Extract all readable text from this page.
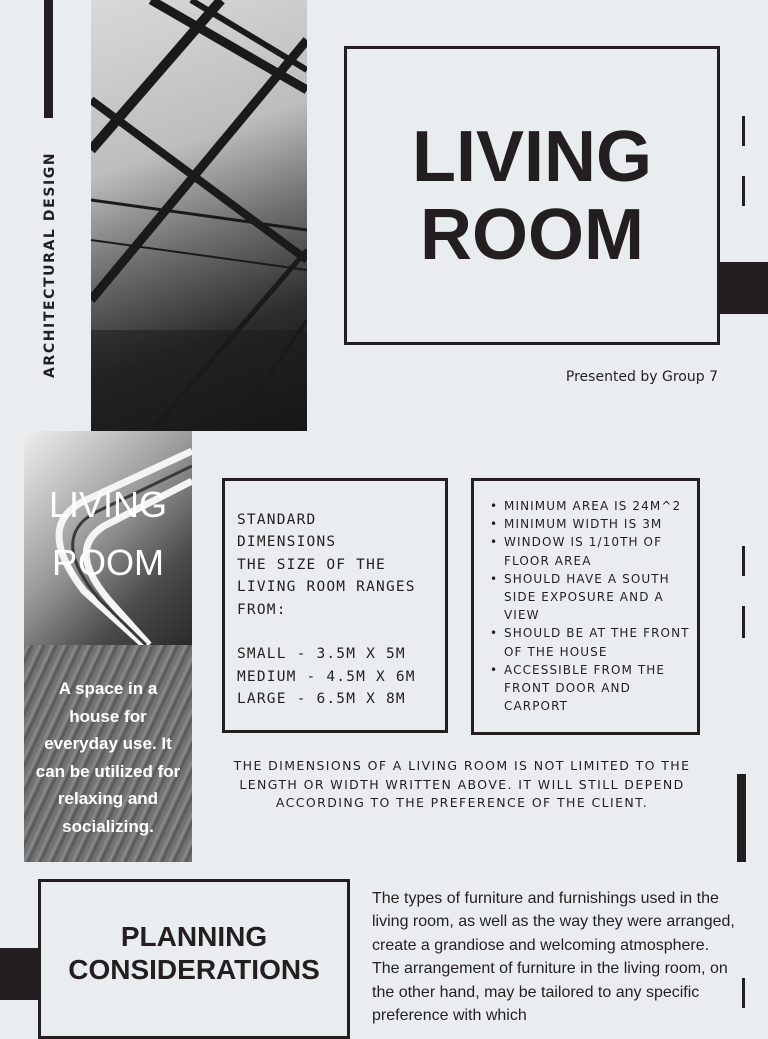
ARCHITECTURAL DESIGN	LIVING
ROOM
Presented by Group 7
LIVING
ROOM
A space in a house for everyday use. It can be utilized for relaxing and socializing.
STANDARD
DIMENSIONS
THE SIZE OF THE
LIVING ROOM RANGES
FROM:

SMALL - 3.5M X 5M
MEDIUM - 4.5M X 6M
LARGE - 6.5M X 8M
• MINIMUM AREA IS 24M^2
• MINIMUM WIDTH IS 3M
• WINDOW IS 1/10TH OF FLOOR AREA
• SHOULD HAVE A SOUTH SIDE EXPOSURE AND A VIEW
• SHOULD BE AT THE FRONT OF THE HOUSE
• ACCESSIBLE FROM THE FRONT DOOR AND CARPORT
THE DIMENSIONS OF A LIVING ROOM IS NOT LIMITED TO THE LENGTH OR WIDTH WRITTEN ABOVE. IT WILL STILL DEPEND ACCORDING TO THE PREFERENCE OF THE CLIENT.
PLANNING
CONSIDERATIONS
The types of furniture and furnishings used in the living room, as well as the way they were arranged, create a grandiose and welcoming atmosphere. The arrangement of furniture in the living room, on the other hand, may be tailored to any specific preference with which
